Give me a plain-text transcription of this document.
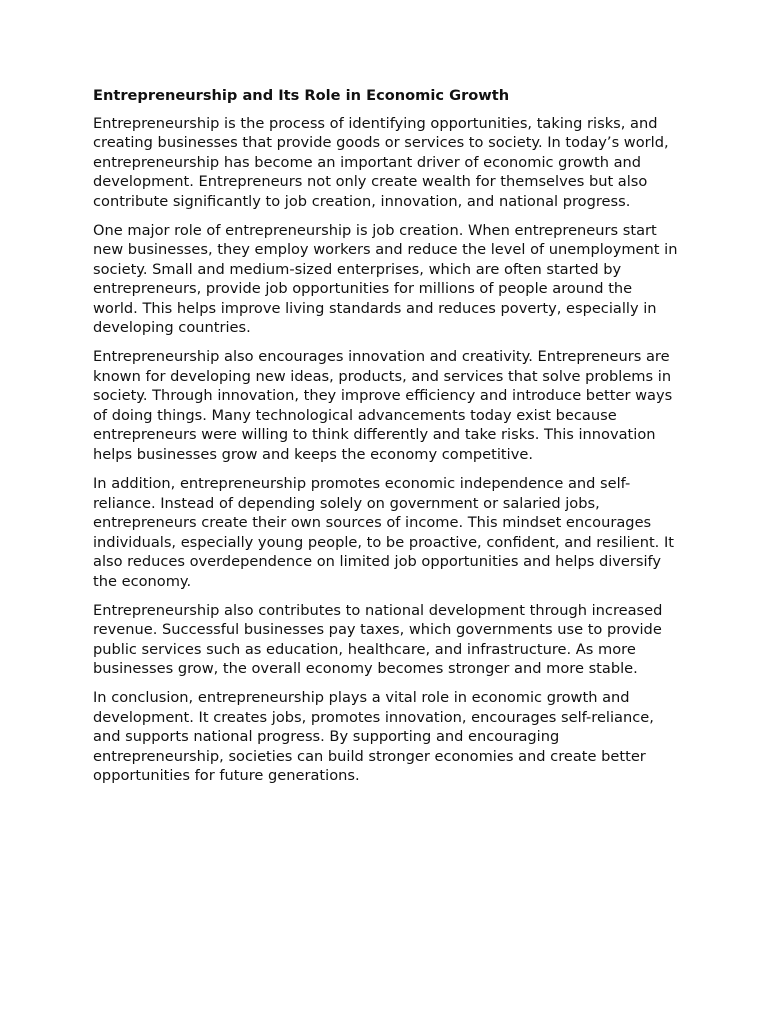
Entrepreneurship and Its Role in Economic Growth

Entrepreneurship is the process of identifying opportunities, taking risks, and creating businesses that provide goods or services to society. In today’s world, entrepreneurship has become an important driver of economic growth and development. Entrepreneurs not only create wealth for themselves but also contribute significantly to job creation, innovation, and national progress.

One major role of entrepreneurship is job creation. When entrepreneurs start new businesses, they employ workers and reduce the level of unemployment in society. Small and medium-sized enterprises, which are often started by entrepreneurs, provide job opportunities for millions of people around the world. This helps improve living standards and reduces poverty, especially in developing countries.

Entrepreneurship also encourages innovation and creativity. Entrepreneurs are known for developing new ideas, products, and services that solve problems in society. Through innovation, they improve efficiency and introduce better ways of doing things. Many technological advancements today exist because entrepreneurs were willing to think differently and take risks. This innovation helps businesses grow and keeps the economy competitive.

In addition, entrepreneurship promotes economic independence and self-reliance. Instead of depending solely on government or salaried jobs, entrepreneurs create their own sources of income. This mindset encourages individuals, especially young people, to be proactive, confident, and resilient. It also reduces overdependence on limited job opportunities and helps diversify the economy.

Entrepreneurship also contributes to national development through increased revenue. Successful businesses pay taxes, which governments use to provide public services such as education, healthcare, and infrastructure. As more businesses grow, the overall economy becomes stronger and more stable.

In conclusion, entrepreneurship plays a vital role in economic growth and development. It creates jobs, promotes innovation, encourages self-reliance, and supports national progress. By supporting and encouraging entrepreneurship, societies can build stronger economies and create better opportunities for future generations.
